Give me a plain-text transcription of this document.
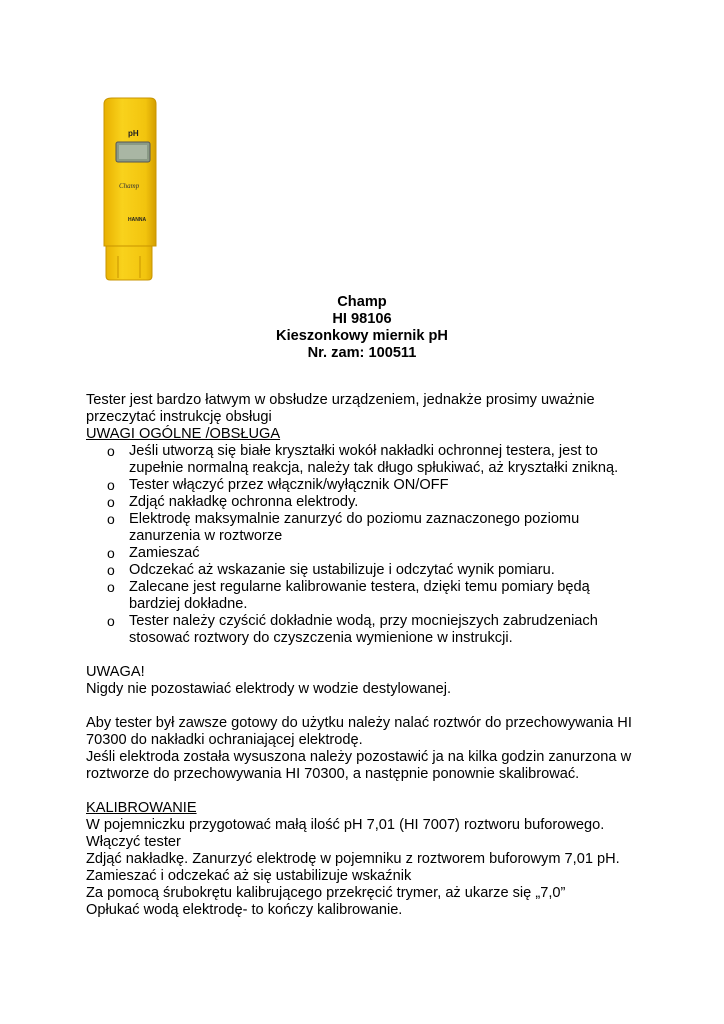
pH
Champ
HANNA
Champ
HI 98106
Kieszonkowy miernik pH
Nr. zam: 100511

Tester jest bardzo łatwym w obsłudze urządzeniem, jednakże prosimy uważnie

przeczytać instrukcję obsługi

UWAGI OGÓLNE /OBSŁUGA

o Jeśli utworzą się białe kryształki wokół nakładki ochronnej testera, jest to
zupełnie normalną reakcja, należy tak długo spłukiwać, aż kryształki znikną.
o Tester włączyć przez włącznik/wyłącznik ON/OFF
o Zdjąć nakładkę ochronna elektrody.
o Elektrodę maksymalnie zanurzyć do poziomu zaznaczonego poziomu
zanurzenia w roztworze
o Zamieszać
o Odczekać aż wskazanie się ustabilizuje i odczytać wynik pomiaru.
o Zalecane jest regularne kalibrowanie testera, dzięki temu pomiary będą
bardziej dokładne.
o Tester należy czyścić dokładnie wodą, przy mocniejszych zabrudzeniach
stosować roztwory do czyszczenia wymienione w instrukcji.

UWAGA!

Nigdy nie pozostawiać elektrody w wodzie destylowanej.

Aby tester był zawsze gotowy do użytku należy nalać roztwór do przechowywania HI

70300 do nakładki ochraniającej elektrodę.

Jeśli elektroda została wysuszona należy pozostawić ja na kilka godzin zanurzona w

roztworze do przechowywania HI 70300, a następnie ponownie skalibrować.

KALIBROWANIE

W pojemniczku przygotować małą ilość pH 7,01 (HI 7007) roztworu buforowego.

Włączyć tester

Zdjąć nakładkę. Zanurzyć elektrodę w pojemniku z roztworem buforowym 7,01 pH.

Zamieszać i odczekać aż się ustabilizuje wskaźnik

Za pomocą śrubokrętu kalibrującego przekręcić trymer, aż ukarze się „7,0”

Opłukać wodą elektrodę- to kończy kalibrowanie.
